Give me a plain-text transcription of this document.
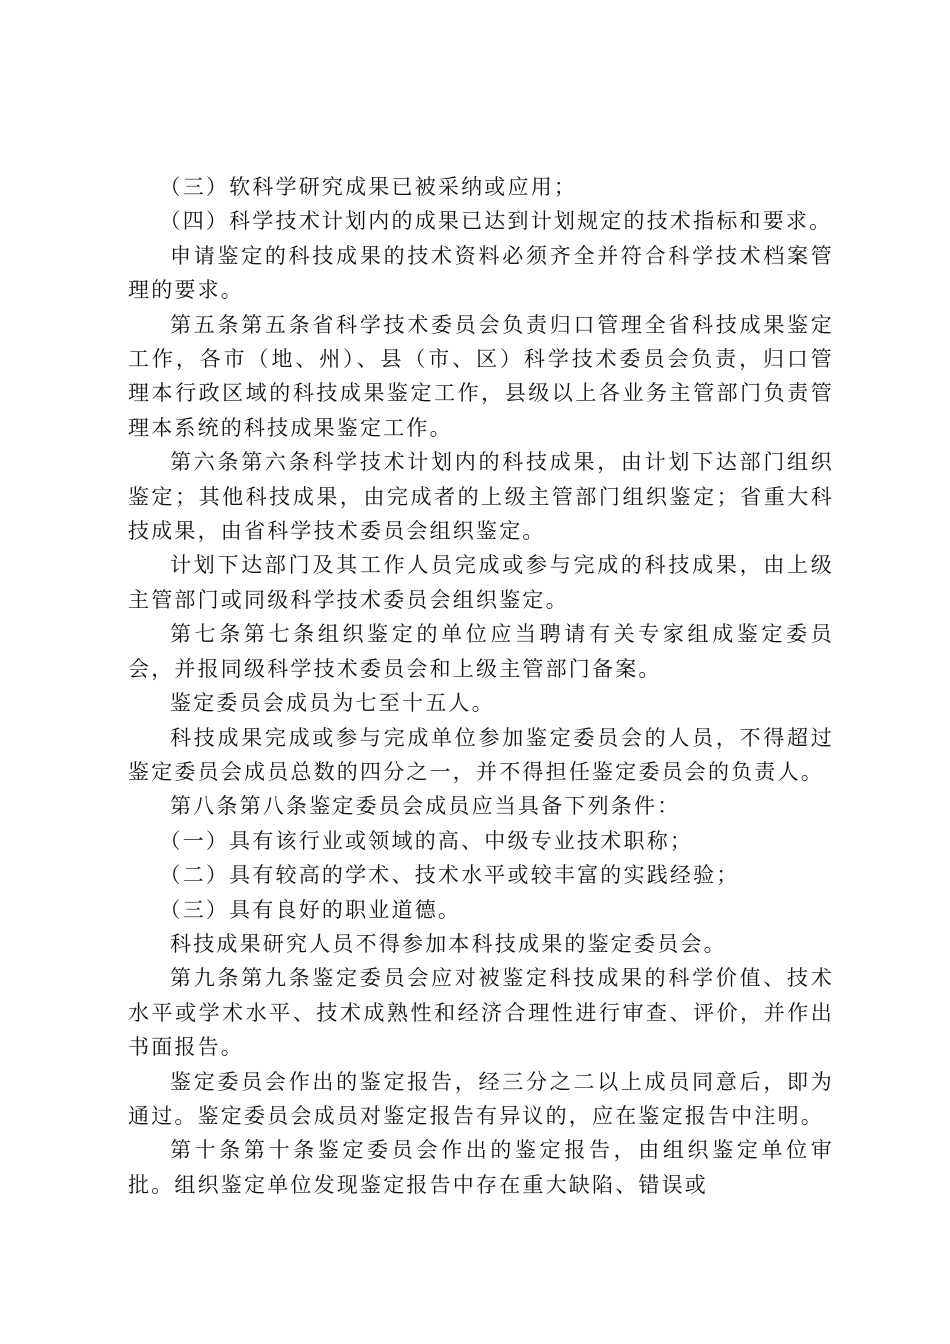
（三）软科学研究成果已被采纳或应用；

（四）科学技术计划内的成果已达到计划规定的技术指标和要求。

申请鉴定的科技成果的技术资料必须齐全并符合科学技术档案管理的要求。

第五条第五条省科学技术委员会负责归口管理全省科技成果鉴定工作，各市（地、州）、县（市、区）科学技术委员会负责，归口管理本行政区域的科技成果鉴定工作，县级以上各业务主管部门负责管理本系统的科技成果鉴定工作。

第六条第六条科学技术计划内的科技成果，由计划下达部门组织鉴定；其他科技成果，由完成者的上级主管部门组织鉴定；省重大科技成果，由省科学技术委员会组织鉴定。

计划下达部门及其工作人员完成或参与完成的科技成果，由上级主管部门或同级科学技术委员会组织鉴定。

第七条第七条组织鉴定的单位应当聘请有关专家组成鉴定委员会，并报同级科学技术委员会和上级主管部门备案。

鉴定委员会成员为七至十五人。

科技成果完成或参与完成单位参加鉴定委员会的人员，不得超过鉴定委员会成员总数的四分之一，并不得担任鉴定委员会的负责人。

第八条第八条鉴定委员会成员应当具备下列条件：

（一）具有该行业或领域的高、中级专业技术职称；

（二）具有较高的学术、技术水平或较丰富的实践经验；

（三）具有良好的职业道德。

科技成果研究人员不得参加本科技成果的鉴定委员会。

第九条第九条鉴定委员会应对被鉴定科技成果的科学价值、技术水平或学术水平、技术成熟性和经济合理性进行审查、评价，并作出书面报告。

鉴定委员会作出的鉴定报告，经三分之二以上成员同意后，即为通过。鉴定委员会成员对鉴定报告有异议的，应在鉴定报告中注明。

第十条第十条鉴定委员会作出的鉴定报告，由组织鉴定单位审批。组织鉴定单位发现鉴定报告中存在重大缺陷、错误或
